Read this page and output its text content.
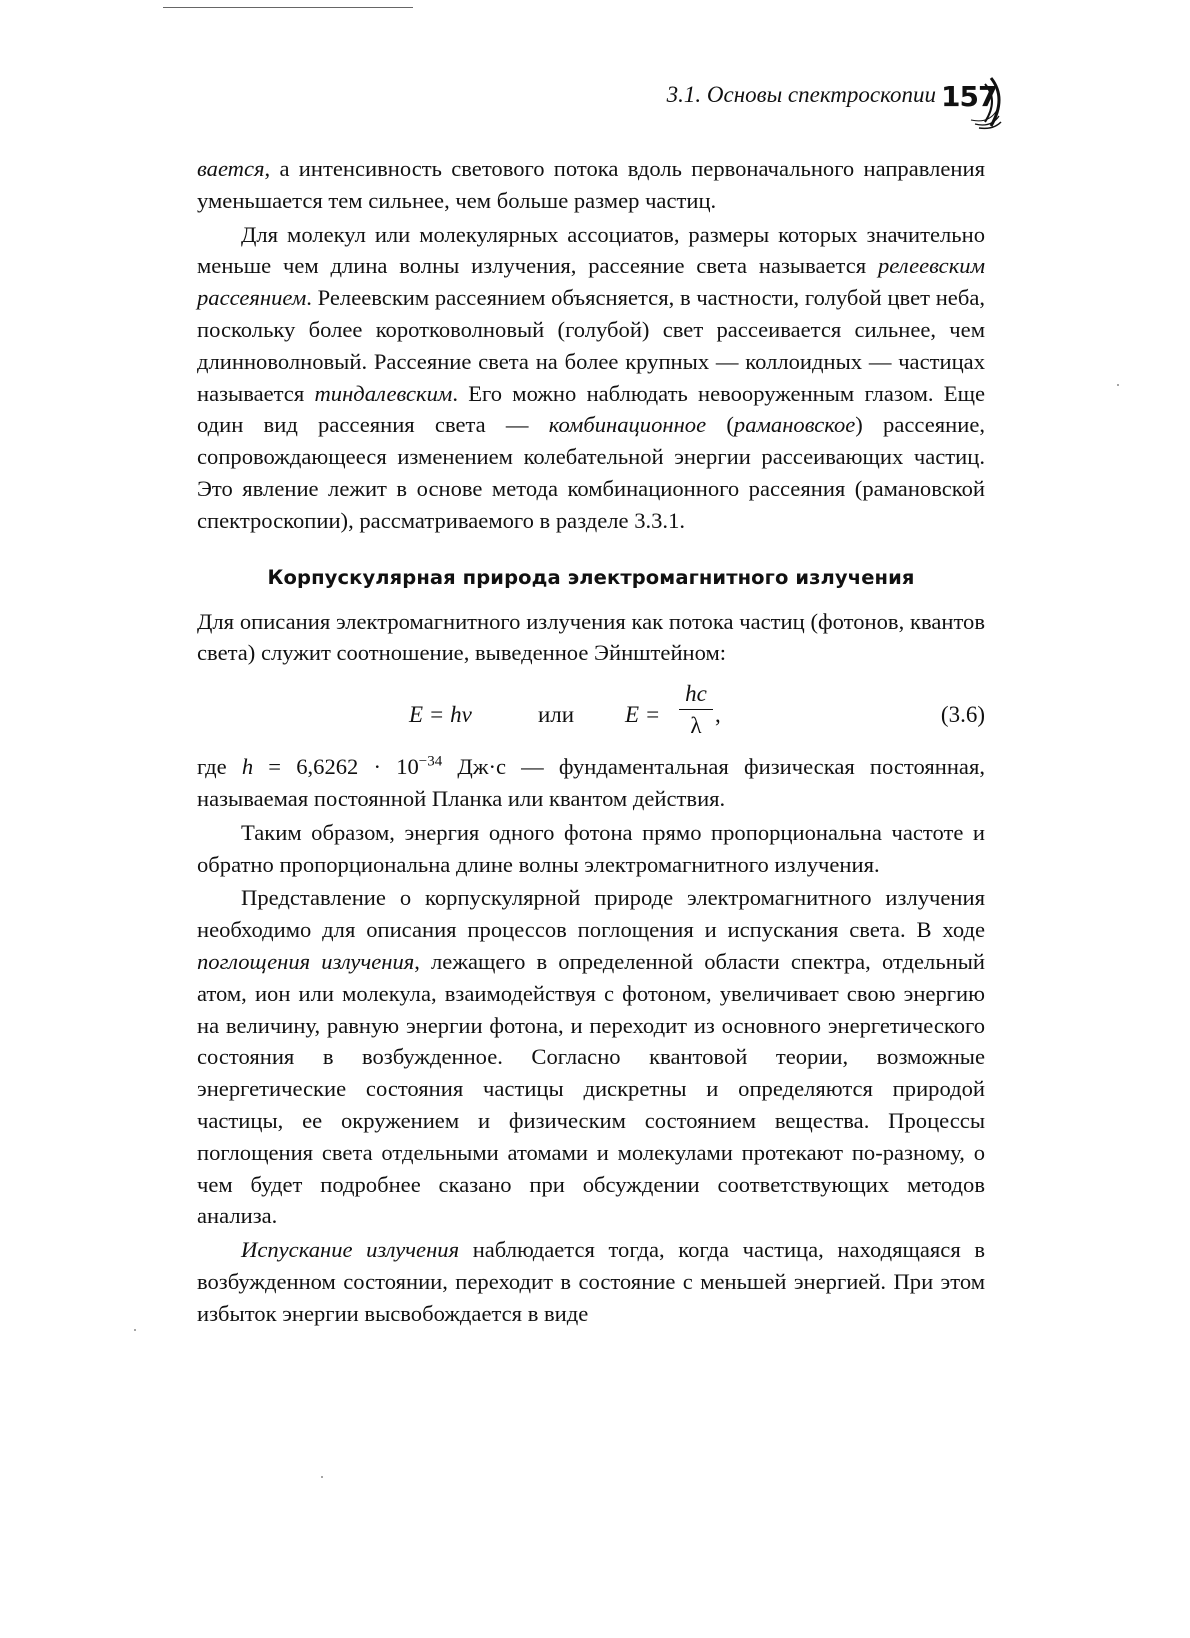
3.1. Основы спектроскопии 157

вается, а интенсивность светового потока вдоль первоначального направления уменьшается тем сильнее, чем больше размер частиц.

Для молекул или молекулярных ассоциатов, размеры которых значительно меньше чем длина волны излучения, рассеяние света называется релеевским рассеянием. Релеевским рассеянием объясняется, в частности, голубой цвет неба, поскольку более коротковолновый (голубой) свет рассеивается сильнее, чем длинноволновый. Рассеяние света на более крупных — коллоидных — частицах называется тиндалевским. Его можно наблюдать невооруженным глазом. Еще один вид рассеяния света — комбинационное (рамановское) рассеяние, сопровождающееся изменением колебательной энергии рассеивающих частиц. Это явление лежит в основе метода комбинационного рассеяния (рамановской спектроскопии), рассматриваемого в разделе 3.3.1.

Корпускулярная природа электромагнитного излучения

Для описания электромагнитного излучения как потока частиц (фотонов, квантов света) служит соотношение, выведенное Эйнштейном:

E = hν	или E =
hc
λ ,	(3.6)

где $h = 6,6262 \cdot 10^{-34}$ Дж·с — фундаментальная физическая постоянная, называемая постоянной Планка или квантом действия.

Таким образом, энергия одного фотона прямо пропорциональна частоте и обратно пропорциональна длине волны электромагнитного излучения.

Представление о корпускулярной природе электромагнитного излучения необходимо для описания процессов поглощения и испускания света. В ходе поглощения излучения, лежащего в определенной области спектра, отдельный атом, ион или молекула, взаимодействуя с фотоном, увеличивает свою энергию на величину, равную энергии фотона, и переходит из основного энергетического состояния в возбужденное. Согласно квантовой теории, возможные энергетические состояния частицы дискретны и определяются природой частицы, ее окружением и физическим состоянием вещества. Процессы поглощения света отдельными атомами и молекулами протекают по-разному, о чем будет подробнее сказано при обсуждении соответствующих методов анализа.

Испускание излучения наблюдается тогда, когда частица, находящаяся в возбужденном состоянии, переходит в состояние с меньшей энергией. При этом избыток энергии высвобождается в виде
